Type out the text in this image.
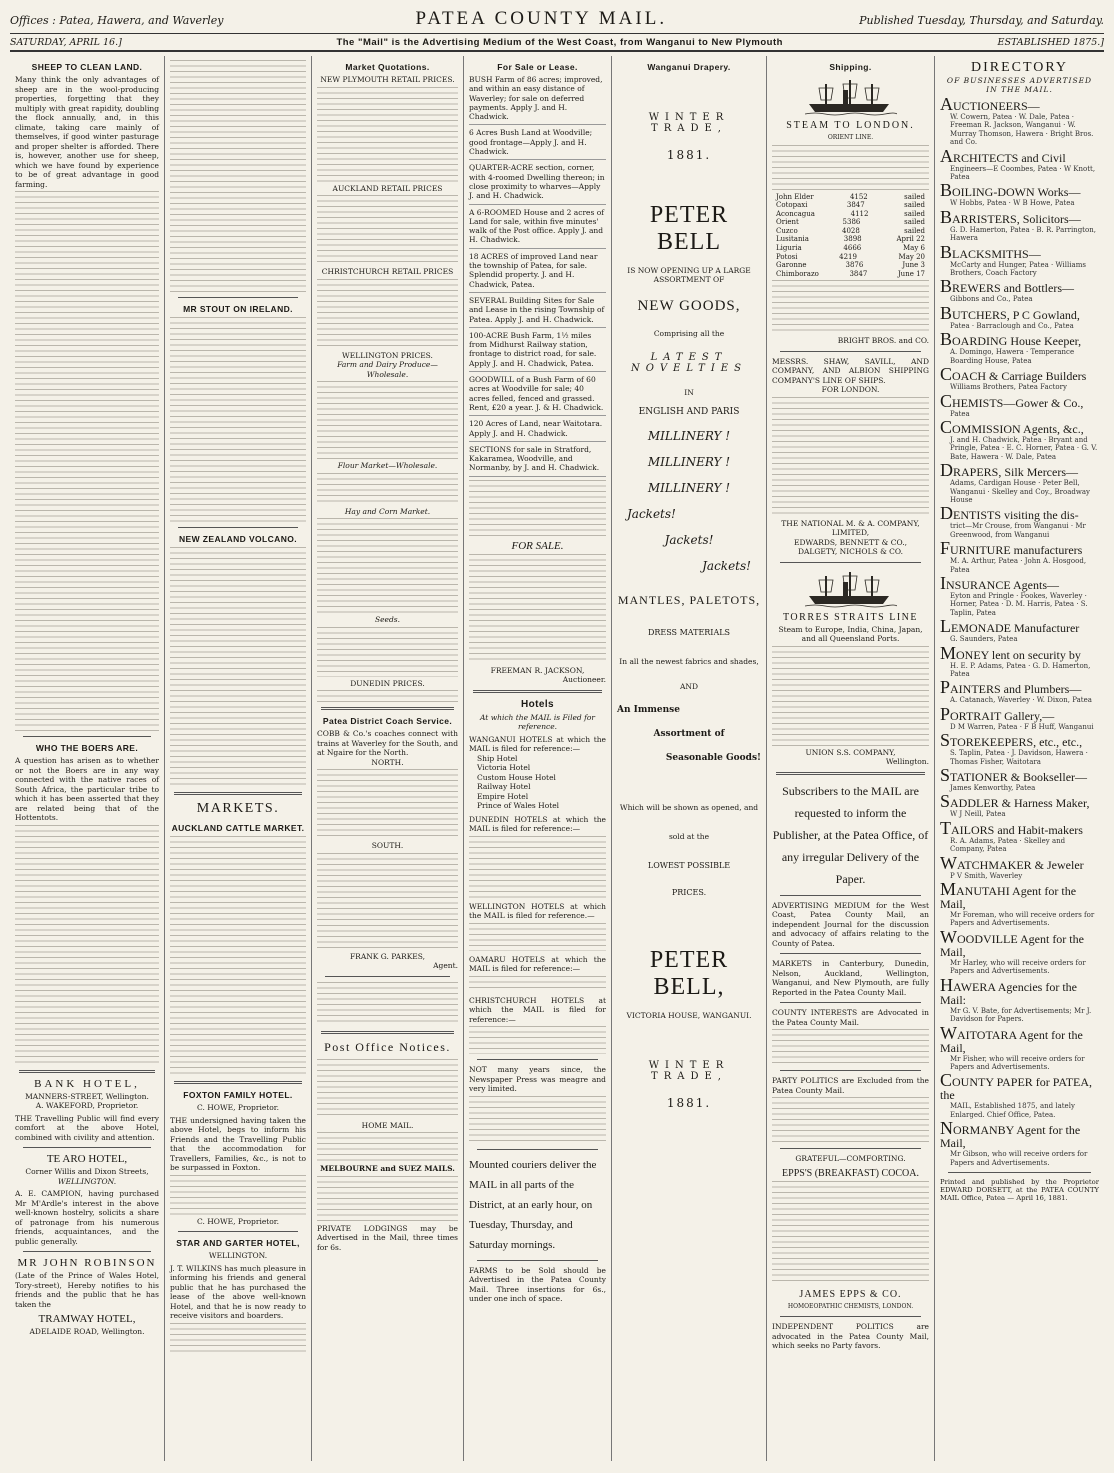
Offices : Patea, Hawera, and Waverley	PATEA COUNTY MAIL.	Published Tuesday, Thursday, and Saturday.
SATURDAY, APRIL 16.]	The "Mail" is the Advertising Medium of the West Coast, from Wanganui to New Plymouth	ESTABLISHED 1875.]
SHEEP TO CLEAN LAND.
Many think the only advantages of sheep are in the wool-producing properties, forgetting that they multiply with great rapidity, doubling the flock annually, and, in this climate, taking care mainly of themselves, if good winter pasturage and proper shelter is afforded. There is, however, another use for sheep, which we have found by experience to be of great advantage in good farming.
WHO THE BOERS ARE.
A question has arisen as to whether or not the Boers are in any way connected with the native races of South Africa, the particular tribe to which it has been asserted that they are related being that of the Hottentots.
BANK HOTEL,
MANNERS-STREET, Wellington.
A. WAKEFORD, Proprietor.
THE Travelling Public will find every comfort at the above Hotel, combined with civility and attention.
TE ARO HOTEL,
Corner Willis and Dixon Streets,
WELLINGTON.
A. E. CAMPION, having purchased Mr M'Ardle's interest in the above well-known hostelry, solicits a share of patronage from his numerous friends, acquaintances, and the public generally.
MR JOHN ROBINSON
(Late of the Prince of Wales Hotel, Tory-street), Hereby notifies to his friends and the public that he has taken the
TRAMWAY HOTEL,
ADELAIDE ROAD, Wellington.
MR STOUT ON IRELAND.
NEW ZEALAND VOLCANO.
MARKETS.
AUCKLAND CATTLE MARKET.
FOXTON FAMILY HOTEL.
C. HOWE, Proprietor.
THE undersigned having taken the above Hotel, begs to inform his Friends and the Travelling Public that the accommodation for Travellers, Families, &c., is not to be surpassed in Foxton.
C. HOWE, Proprietor.
STAR AND GARTER HOTEL,
WELLINGTON.
J. T. WILKINS has much pleasure in informing his friends and general public that he has purchased the lease of the above well-known Hotel, and that he is now ready to receive visitors and boarders.
Market Quotations.
NEW PLYMOUTH RETAIL PRICES.
AUCKLAND RETAIL PRICES
CHRISTCHURCH RETAIL PRICES
WELLINGTON PRICES.
Farm and Dairy Produce—Wholesale.
Flour Market—Wholesale.
Hay and Corn Market.
Seeds.
DUNEDIN PRICES.
Patea District Coach Service.
COBB & Co.'s coaches connect with trains at Waverley for the South, and at Ngaire for the North.
NORTH.
SOUTH.
FRANK G. PARKES,
Agent.
Post Office Notices.
HOME MAIL.
MELBOURNE and SUEZ MAILS.
PRIVATE LODGINGS may be Advertised in the Mail, three times for 6s.
For Sale or Lease.
BUSH Farm of 86 acres; improved, and within an easy distance of Waverley; for sale on deferred payments. Apply J. and H. Chadwick.
6 Acres Bush Land at Woodville; good frontage—Apply J. and H. Chadwick.
QUARTER-ACRE section, corner, with 4-roomed Dwelling thereon; in close proximity to wharves—Apply J. and H. Chadwick.
A 6-ROOMED House and 2 acres of Land for sale, within five minutes' walk of the Post office. Apply J. and H. Chadwick.
18 ACRES of improved Land near the township of Patea, for sale. Splendid property. J. and H. Chadwick, Patea.
SEVERAL Building Sites for Sale and Lease in the rising Township of Patea. Apply J. and H. Chadwick.
100-ACRE Bush Farm, 1½ miles from Midhurst Railway station, frontage to district road, for sale. Apply J. and H. Chadwick, Patea.
GOODWILL of a Bush Farm of 60 acres at Woodville for sale; 40 acres felled, fenced and grassed. Rent, £20 a year. J. & H. Chadwick.
120 Acres of Land, near Waitotara. Apply J. and H. Chadwick.
SECTIONS for sale in Stratford, Kakaramea, Woodville, and Normanby, by J. and H. Chadwick.
FOR SALE.
FREEMAN R. JACKSON,
Auctioneer.
Hotels
At which the MAIL is Filed for reference.
WANGANUI HOTELS at which the MAIL is filed for reference:—
Ship Hotel
Victoria Hotel
Custom House Hotel
Railway Hotel
Empire Hotel
Prince of Wales Hotel
DUNEDIN HOTELS at which the MAIL is filed for reference:—
WELLINGTON HOTELS at which the MAIL is filed for reference.—
OAMARU HOTELS at which the MAIL is filed for reference:—
CHRISTCHURCH HOTELS at which the MAIL is filed for reference:—
NOT many years since, the Newspaper Press was meagre and very limited.
Mounted couriers deliver the MAIL in all parts of the District, at an early hour, on Tuesday, Thursday, and Saturday mornings.
FARMS to be Sold should be Advertised in the Patea County Mail. Three insertions for 6s., under one inch of space.
Wanganui Drapery.
WINTER TRADE,
1881.
PETER BELL
IS NOW OPENING UP A LARGE ASSORTMENT OF
NEW GOODS,
Comprising all the
LATEST NOVELTIES
IN
ENGLISH AND PARIS
MILLINERY !
MILLINERY !
MILLINERY !
Jackets!
Jackets!
Jackets!
MANTLES, PALETOTS,
DRESS MATERIALS
In all the newest fabrics and shades,
AND
An Immense
Assortment of
Seasonable Goods!
Which will be shown as opened, and
sold at the
LOWEST POSSIBLE
PRICES.
PETER BELL,
VICTORIA HOUSE, WANGANUI.
WINTER TRADE,
1881.
Shipping.
STEAM TO LONDON.
ORIENT LINE.
John Elder	4152	sailed
Cotopaxi	3847	sailed
Aconcagua	4112	sailed
Orient	5386	sailed
Cuzco	4028	sailed
Lusitania	3898	April 22
Liguria	4666	May 6
Potosi	4219	May 20
Garonne	3876	June 3
Chimborazo	3847	June 17
BRIGHT BROS. and CO.
MESSRS. SHAW, SAVILL, AND COMPANY, AND ALBION SHIPPING COMPANY'S LINE OF SHIPS.
FOR LONDON.
THE NATIONAL M. & A. COMPANY, LIMITED,
EDWARDS, BENNETT & CO.,
DALGETY, NICHOLS & CO.
TORRES STRAITS LINE
Steam to Europe, India, China, Japan, and all Queensland Ports.
UNION S.S. COMPANY,
Wellington.
Subscribers to the MAIL are requested to inform the Publisher, at the Patea Office, of any irregular Delivery of the Paper.
ADVERTISING MEDIUM for the West Coast, Patea County Mail, an independent Journal for the discussion and advocacy of affairs relating to the County of Patea.
MARKETS in Canterbury, Dunedin, Nelson, Auckland, Wellington, Wanganui, and New Plymouth, are fully Reported in the Patea County Mail.
COUNTY INTERESTS are Advocated in the Patea County Mail.
PARTY POLITICS are Excluded from the Patea County Mail.
GRATEFUL—COMFORTING.
EPPS'S (BREAKFAST) COCOA.
JAMES EPPS & CO.
HOMOEOPATHIC CHEMISTS, LONDON.
INDEPENDENT POLITICS are advocated in the Patea County Mail, which seeks no Party favors.
DIRECTORY
OF BUSINESSES ADVERTISED IN THE MAIL.
AUCTIONEERS—
W. Cowern, Patea · W. Dale, Patea · Freeman R. Jackson, Wanganui · W. Murray Thomson, Hawera · Bright Bros. and Co.
ARCHITECTS and Civil
Engineers—E Coombes, Patea · W Knott, Patea
BOILING-DOWN Works—
W Hobbs, Patea · W B Howe, Patea
BARRISTERS, Solicitors—
G. D. Hamerton, Patea · B. R. Parrington, Hawera
BLACKSMITHS—
McCarty and Hunger, Patea · Williams Brothers, Coach Factory
BREWERS and Bottlers—
Gibbons and Co., Patea
BUTCHERS, P C Gowland,
Patea · Barraclough and Co., Patea
BOARDING House Keeper,
A. Domingo, Hawera · Temperance Boarding House, Patea
COACH & Carriage Builders
Williams Brothers, Patea Factory
CHEMISTS—Gower & Co.,
Patea
COMMISSION Agents, &c.,
J. and H. Chadwick, Patea · Bryant and Pringle, Patea · E. C. Horner, Patea · G. V. Bate, Hawera · W. Dale, Patea
DRAPERS, Silk Mercers—
Adams, Cardigan House · Peter Bell, Wanganui · Skelley and Coy., Broadway House
DENTISTS visiting the dis-
trict—Mr Crouse, from Wanganui · Mr Greenwood, from Wanganui
FURNITURE manufacturers
M. A. Arthur, Patea · John A. Hosgood, Patea
INSURANCE Agents—
Eyton and Pringle · Fookes, Waverley · Horner, Patea · D. M. Harris, Patea · S. Taplin, Patea
LEMONADE Manufacturer
G. Saunders, Patea
MONEY lent on security by
H. E. P. Adams, Patea · G. D. Hamerton, Patea
PAINTERS and Plumbers—
A. Catanach, Waverley · W. Dixon, Patea
PORTRAIT Gallery,—
D M Warren, Patea · F B Huff, Wanganui
STOREKEEPERS, etc., etc.,
S. Taplin, Patea · J. Davidson, Hawera · Thomas Fisher, Waitotara
STATIONER & Bookseller—
James Kenworthy, Patea
SADDLER & Harness Maker,
W J Neill, Patea
TAILORS and Habit-makers
R. A. Adams, Patea · Skelley and Company, Patea
WATCHMAKER & Jeweler
P V Smith, Waverley
MANUTAHI Agent for the Mail,
Mr Foreman, who will receive orders for Papers and Advertisements.
WOODVILLE Agent for the Mail,
Mr Harley, who will receive orders for Papers and Advertisements.
HAWERA Agencies for the Mail:
Mr G. V. Bate, for Advertisements; Mr J. Davidson for Papers.
WAITOTARA Agent for the Mail,
Mr Fisher, who will receive orders for Papers and Advertisements.
COUNTY PAPER for PATEA, the
MAIL, Established 1875, and lately Enlarged. Chief Office, Patea.
NORMANBY Agent for the Mail,
Mr Gibson, who will receive orders for Papers and Advertisements.
Printed and published by the Proprietor EDWARD DORSETT, at the PATEA COUNTY MAIL Office, Patea — April 16, 1881.
